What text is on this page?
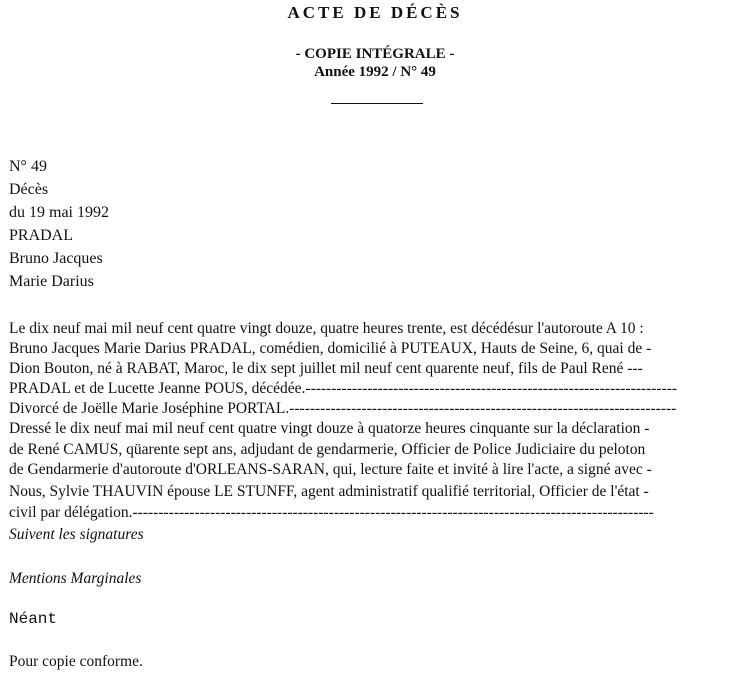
ACTE DE DÉCÈS
- COPIE INTÉGRALE -
Année 1992 / N° 49
N° 49
Décès
du 19 mai 1992
PRADAL
Bruno Jacques
Marie Darius
Le dix neuf mai mil neuf cent quatre vingt douze, quatre heures trente, est décédésur l'autoroute A 10 :
Bruno Jacques Marie Darius PRADAL, comédien, domicilié à PUTEAUX, Hauts de Seine, 6, quai de -
Dion Bouton, né à RABAT, Maroc, le dix sept juillet mil neuf cent quarente neuf, fils de Paul René ---
PRADAL et de Lucette Jeanne POUS, décédée.------------------------------------------------------------------------
Divorcé de Joëlle Marie Joséphine PORTAL.---------------------------------------------------------------------------
Dressé le dix neuf mai mil neuf cent quatre vingt douze à quatorze heures cinquante sur la déclaration -
de René CAMUS, qüarente sept ans, adjudant de gendarmerie, Officier de Police Judiciaire du peloton
de Gendarmerie d'autoroute d'ORLEANS-SARAN, qui, lecture faite et invité à lire l'acte, a signé avec -
Nous, Sylvie THAUVIN épouse LE STUNFF, agent administratif qualifié territorial, Officier de l'état -
civil par délégation.-----------------------------------------------------------------------------------------------------
Suivent les signatures
Mentions Marginales
Néant
Pour copie conforme.
